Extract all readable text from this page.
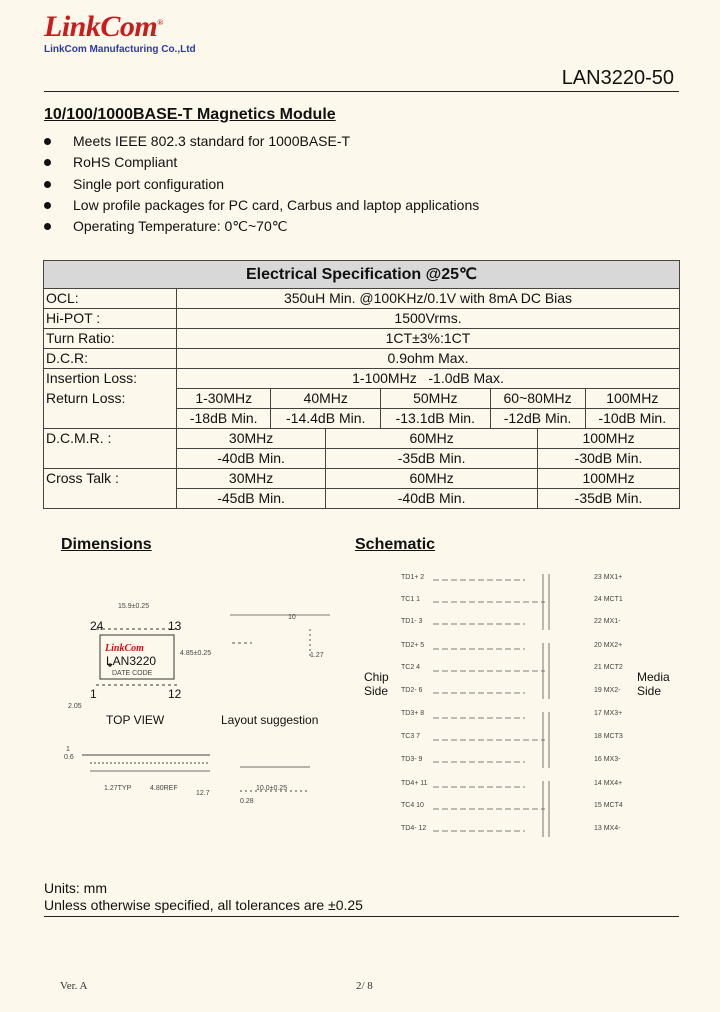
LinkCom®
LinkCom Manufacturing Co.,Ltd
LAN3220-50
10/100/1000BASE-T Magnetics Module
Meets IEEE 802.3 standard for 1000BASE-T
RoHS Compliant
Single port configuration
Low profile packages for PC card, Carbus and laptop applications
Operating Temperature: 0℃~70℃
Electrical Specification @25℃							
OCL:	350uH Min. @100KHz/0.1V with 8mA DC Bias						
Hi-POT :	1500Vrms.						
Turn Ratio:	1CT±3%:1CT						
D.C.R:	0.9ohm Max.						
Insertion Loss:	1-100MHz   -1.0dB Max.						
Return Loss:	1-30MHz	40MHz		50MHz	60~80MHz		100MHz
	-18dB Min.	-14.4dB Min.		-13.1dB Min.	-12dB Min.		-10dB Min.
D.C.M.R. :	30MHz		60MHz			100MHz	
	-40dB Min.		-35dB Min.			-30dB Min.	
Cross Talk :	30MHz		60MHz			100MHz	
	-45dB Min.		-40dB Min.			-35dB Min.	
Dimensions	Schematic
15.9±0.25
24	13
LinkCom
LAN3220
DATE CODE
1	12
2.05
10
4.85±0.25	1.27
0.6
1.27TYP	4.80REF	10.0±0.25
12.7
0.28
1
TOP VIEW	Layout suggestion
TD1+ 2
TC1 1
TD1- 3
TD2+ 5
TC2 4
TD2- 6
TD3+ 8
TC3 7
TD3- 9
TD4+ 11
TC4 10
TD4- 12
23 MX1+
24 MCT1
22 MX1-
20 MX2+
21 MCT2
19 MX2-
17 MX3+
18 MCT3
16 MX3-
14 MX4+
15 MCT4
13 MX4-
Chip
Side
Media
Side
Units: mm
Unless otherwise specified, all tolerances are ±0.25
Ver. A	2/ 8
